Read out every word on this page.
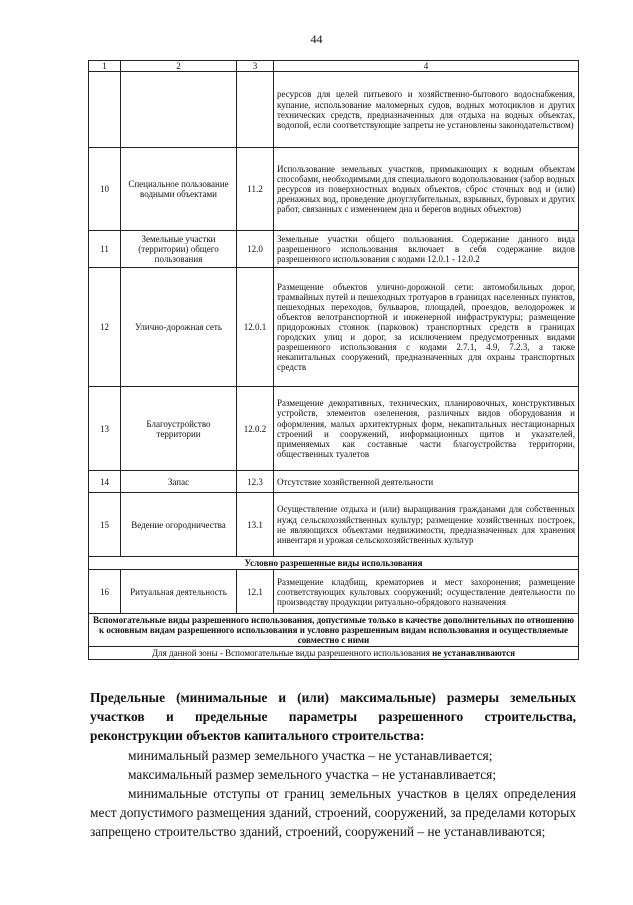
44
1	2	3	4
			ресурсов для целей питьевого и хозяйственно-бытового водоснабжения, купание, использование маломерных судов, водных мотоциклов и других технических средств, предназначенных для отдыха на водных объектах, водопой, если соответствующие запреты не установлены законодательством)
10	Специальное пользование водными объектами	11.2	Использование земельных участков, примыкающих к водным объектам способами, необходимыми для специального водопользования (забор водных ресурсов из поверхностных водных объектов, сброс сточных вод и (или) дренажных вод, проведение дноуглубительных, взрывных, буровых и других работ, связанных с изменением дна и берегов водных объектов)
11	Земельные участки (территории) общего пользования	12.0	Земельные участки общего пользования. Содержание данного вида разрешенного использования включает в себя содержание видов разрешенного использования с кодами 12.0.1 - 12.0.2
12	Улично-дорожная сеть	12.0.1	Размещение объектов улично-дорожной сети: автомобильных дорог, трамвайных путей и пешеходных тротуаров в границах населенных пунктов, пешеходных переходов, бульваров, площадей, проездов, велодорожек и объектов велотранспортной и инженерной инфраструктуры; размещение придорожных стоянок (парковок) транспортных средств в границах городских улиц и дорог, за исключением предусмотренных видами разрешенного использования с кодами 2.7.1, 4.9, 7.2.3, а также некапитальных сооружений, предназначенных для охраны транспортных средств
13	Благоустройство территории	12.0.2	Размещение декоративных, технических, планировочных, конструктивных устройств, элементов озеленения, различных видов оборудования и оформления, малых архитектурных форм, некапитальных нестационарных строений и сооружений, информационных щитов и указателей, применяемых как составные части благоустройства территории, общественных туалетов
14	Запас	12.3	Отсутствие хозяйственной деятельности
15	Ведение огородничества	13.1	Осуществление отдыха и (или) выращивания гражданами для собственных нужд сельскохозяйственных культур; размещение хозяйственных построек, не являющихся объектами недвижимости, предназначенных для хранения инвентаря и урожая сельскохозяйственных культур
Условно разрешенные виды использования			
16	Ритуальная деятельность	12.1	Размещение кладбищ, крематориев и мест захоронения; размещение соответствующих культовых сооружений; осуществление деятельности по производству продукции ритуально-обрядового назначения
Вспомогательные виды разрешенного использования, допустимые только в качестве дополнительных по отношению к основным видам разрешенного использования и условно разрешенным видам использования и осуществляемые совместно с ними			
Для данной зоны - Вспомогательные виды разрешенного использования не устанавливаются			

Предельные (минимальные и (или) максимальные) размеры земельных участков и предельные параметры разрешенного строительства, реконструкции объектов капитального строительства:

минимальный размер земельного участка – не устанавливается;

максимальный размер земельного участка – не устанавливается;

минимальные отступы от границ земельных участков в целях определения мест допустимого размещения зданий, строений, сооружений, за пределами которых запрещено строительство зданий, строений, сооружений – не устанавливаются;
